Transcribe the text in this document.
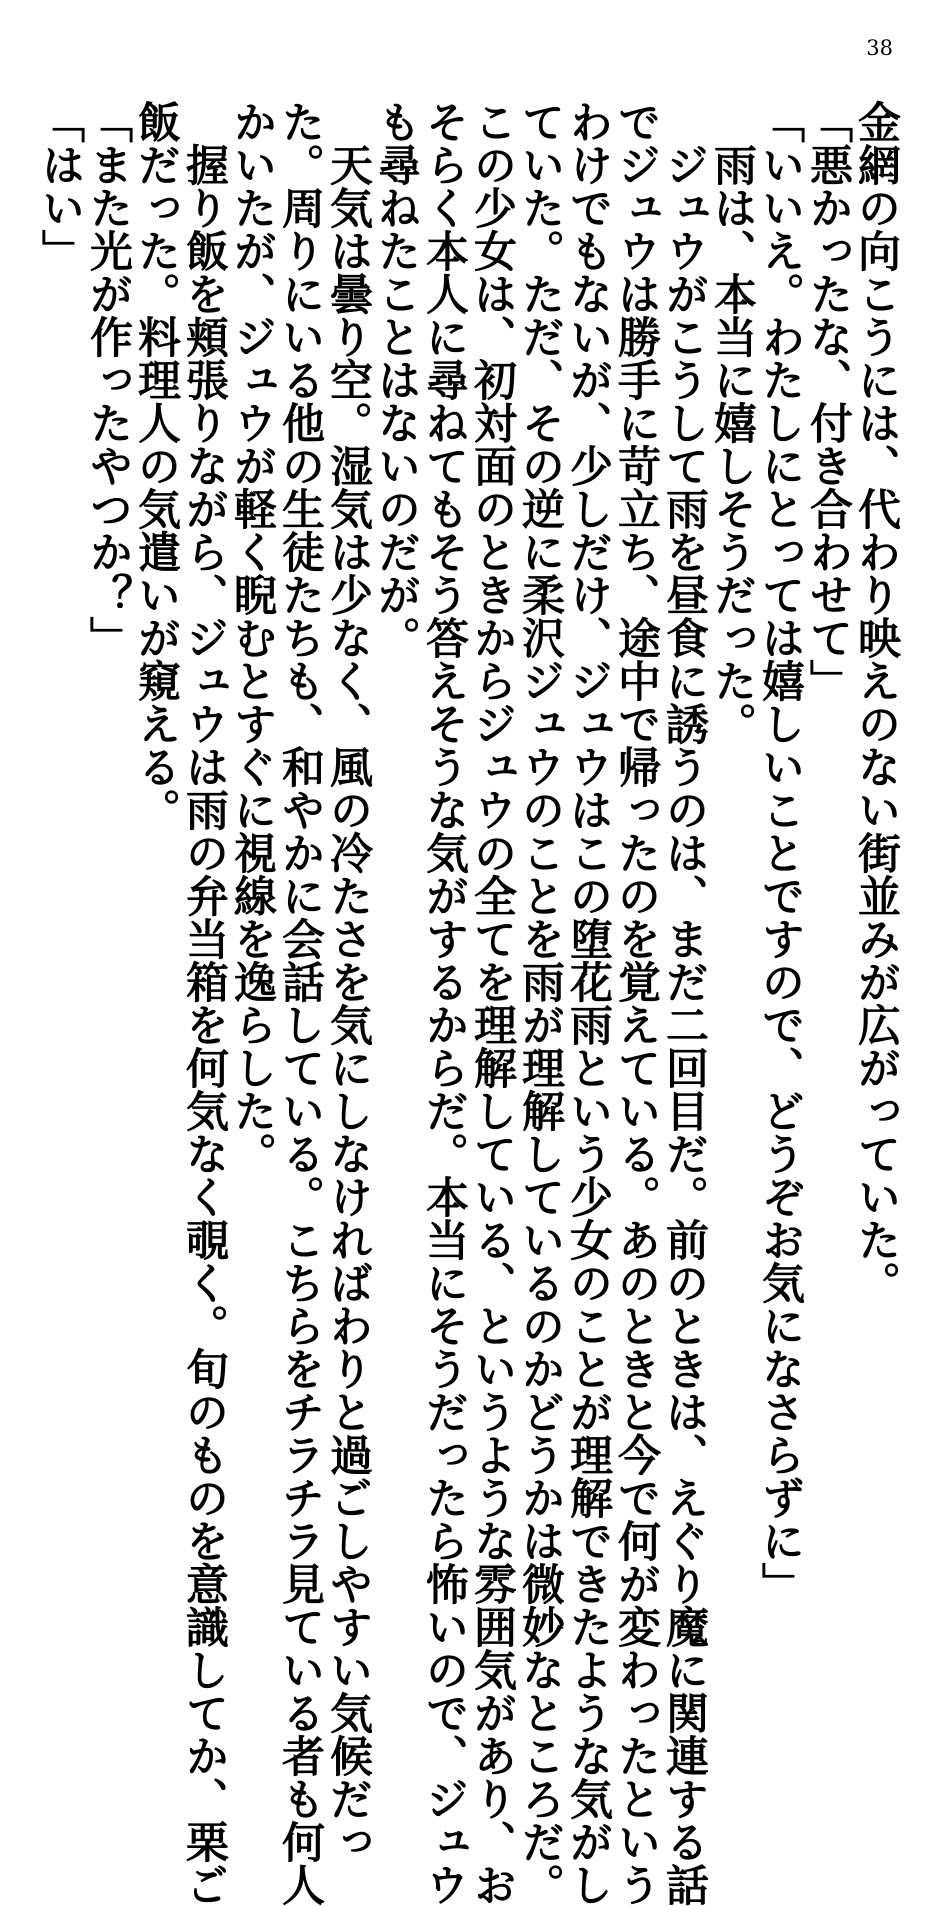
38

金網の向こうには、代わり映えのない街並みが広がっていた。

「悪かったな、付き合わせて」

「いいえ。わたしにとっては嬉しいことですので、どうぞお気になさらずに」

　雨は、本当に嬉しそうだった。

　ジュウがこうして雨を昼食に誘うのは、まだ二回目だ。前のときは、えぐり魔に関連する話

でジュウは勝手に苛立ち、途中で帰ったのを覚えている。あのときと今で何が変わったという

わけでもないが、少しだけ、ジュウはこの堕花雨という少女のことが理解できたような気がし

ていた。ただ、その逆に柔沢ジュウのことを雨が理解しているのかどうかは微妙なところだ。

この少女は、初対面のときからジュウの全てを理解している、というような雰囲気があり、お

そらく本人に尋ねてもそう答えそうな気がするからだ。本当にそうだったら怖いので、ジュウ

も尋ねたことはないのだが。

　天気は曇り空。湿気は少なく、風の冷たさを気にしなければわりと過ごしやすい気候だっ

た。周りにいる他の生徒たちも、和やかに会話している。こちらをチラチラ見ている者も何人

かいたが、ジュウが軽く睨むとすぐに視線を逸らした。

　握り飯を頬張りながら、ジュウは雨の弁当箱を何気なく覗く。旬のものを意識してか、栗ご

飯だった。料理人の気遣いが窺える。

「また光が作ったやつか？」

「はい」
